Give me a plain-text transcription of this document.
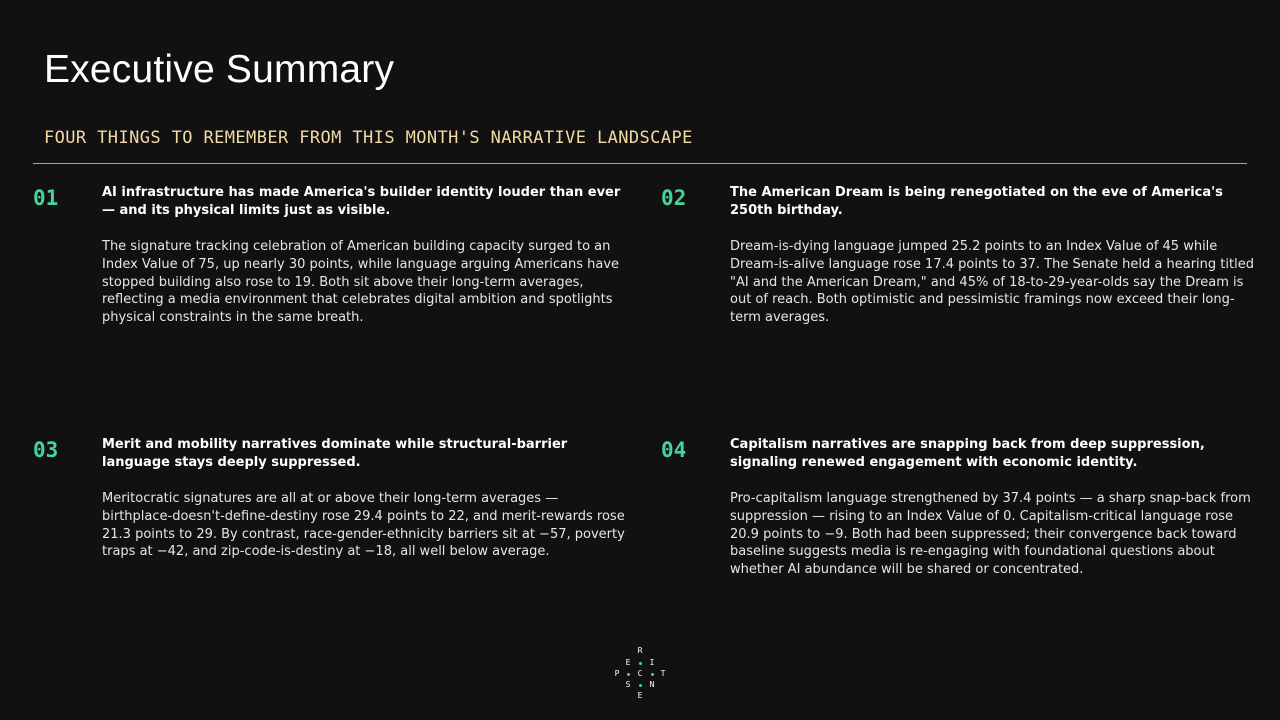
Executive Summary
FOUR THINGS TO REMEMBER FROM THIS MONTH'S NARRATIVE LANDSCAPE
01	AI infrastructure has made America's builder identity louder than ever — and its physical limits just as visible.
The signature tracking celebration of American building capacity surged to an Index Value of 75, up nearly 30 points, while language arguing Americans have stopped building also rose to 19. Both sit above their long-term averages, reflecting a media environment that celebrates digital ambition and spotlights physical constraints in the same breath.
02	The American Dream is being renegotiated on the eve of America's 250th birthday.
Dream-is-dying language jumped 25.2 points to an Index Value of 45 while Dream-is-alive language rose 17.4 points to 37. The Senate held a hearing titled "AI and the American Dream," and 45% of 18-to-29-year-olds say the Dream is out of reach. Both optimistic and pessimistic framings now exceed their long-term averages.
03	Merit and mobility narratives dominate while structural-barrier language stays deeply suppressed.
Meritocratic signatures are all at or above their long-term averages — birthplace-doesn't-define-destiny rose 29.4 points to 22, and merit-rewards rose 21.3 points to 29. By contrast, race-gender-ethnicity barriers sit at −57, poverty traps at −42, and zip-code-is-destiny at −18, all well below average.
04	Capitalism narratives are snapping back from deep suppression, signaling renewed engagement with economic identity.
Pro-capitalism language strengthened by 37.4 points — a sharp snap-back from suppression — rising to an Index Value of 0. Capitalism-critical language rose 20.9 points to −9. Both had been suppressed; their convergence back toward baseline suggests media is re-engaging with foundational questions about whether AI abundance will be shared or concentrated.
R
E	I
P	C	T
S	N
E
